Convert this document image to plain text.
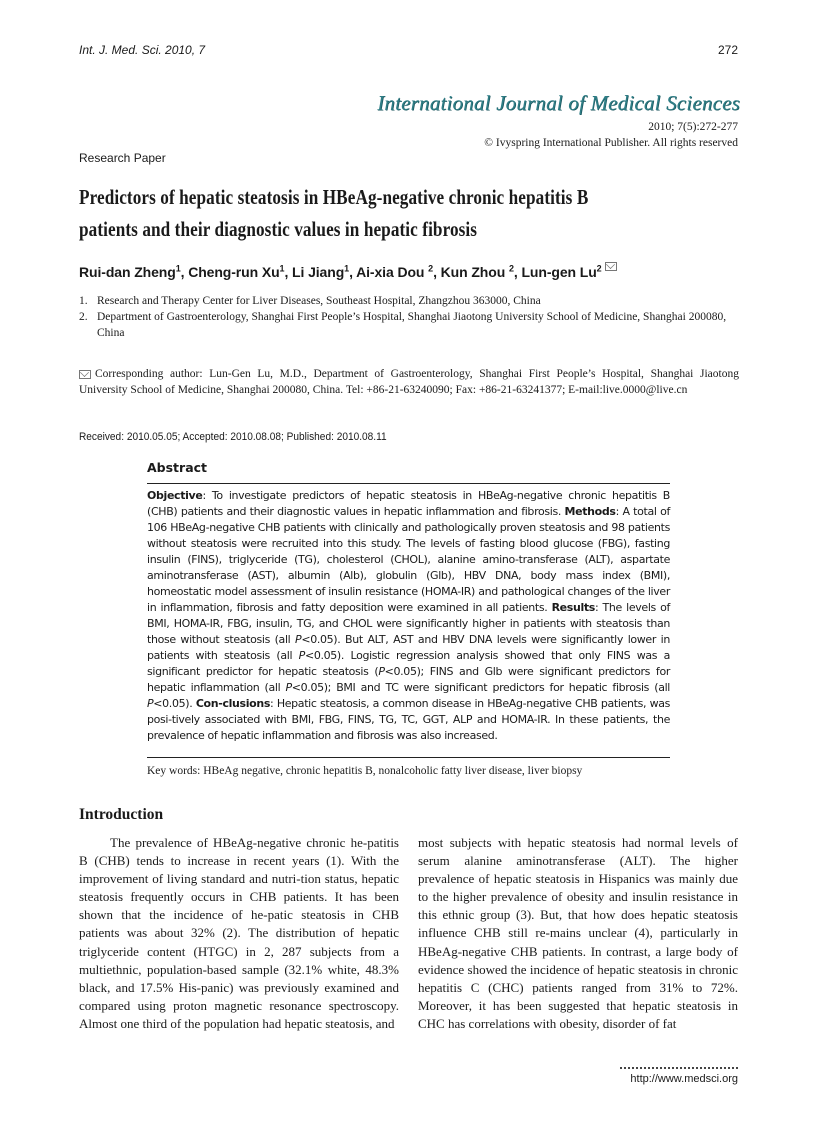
Int. J. Med. Sci. 2010, 7	272
International Journal of Medical Sciences
2010; 7(5):272-277
© Ivyspring International Publisher. All rights reserved
Research Paper
Predictors of hepatic steatosis in HBeAg-negative chronic hepatitis B
patients and their diagnostic values in hepatic fibrosis
Rui-dan Zheng$^1$, Cheng-run Xu$^1$, Li Jiang$^1$, Ai-xia Dou $^2$, Kun Zhou $^2$, Lun-gen Lu$^2$
1. Research and Therapy Center for Liver Diseases, Southeast Hospital, Zhangzhou 363000, China
2. Department of Gastroenterology, Shanghai First People’s Hospital, Shanghai Jiaotong University School of Medicine, Shanghai 200080, China
Corresponding author: Lun-Gen Lu, M.D., Department of Gastroenterology, Shanghai First People’s Hospital, Shanghai Jiaotong University School of Medicine, Shanghai 200080, China. Tel: +86-21-63240090; Fax: +86-21-63241377; E-mail:live.0000@live.cn
Received: 2010.05.05; Accepted: 2010.08.08; Published: 2010.08.11
Abstract
Objective: To investigate predictors of hepatic steatosis in HBeAg-negative chronic hepatitis B (CHB) patients and their diagnostic values in hepatic inflammation and fibrosis. Methods: A total of 106 HBeAg-negative CHB patients with clinically and pathologically proven steatosis and 98 patients without steatosis were recruited into this study. The levels of fasting blood glucose (FBG), fasting insulin (FINS), triglyceride (TG), cholesterol (CHOL), alanine amino-transferase (ALT), aspartate aminotransferase (AST), albumin (Alb), globulin (Glb), HBV DNA, body mass index (BMI), homeostatic model assessment of insulin resistance (HOMA-IR) and pathological changes of the liver in inflammation, fibrosis and fatty deposition were examined in all patients. Results: The levels of BMI, HOMA-IR, FBG, insulin, TG, and CHOL were significantly higher in patients with steatosis than those without steatosis (all P<0.05). But ALT, AST and HBV DNA levels were significantly lower in patients with steatosis (all P<0.05). Logistic regression analysis showed that only FINS was a significant predictor for hepatic steatosis (P<0.05); FINS and Glb were significant predictors for hepatic inflammation (all P<0.05); BMI and TC were significant predictors for hepatic fibrosis (all P<0.05). Con-clusions: Hepatic steatosis, a common disease in HBeAg-negative CHB patients, was posi-tively associated with BMI, FBG, FINS, TG, TC, GGT, ALP and HOMA-IR. In these patients, the prevalence of hepatic inflammation and fibrosis was also increased.
Key words: HBeAg negative, chronic hepatitis B, nonalcoholic fatty liver disease, liver biopsy
Introduction
The prevalence of HBeAg-negative chronic he-patitis B (CHB) tends to increase in recent years (1). With the improvement of living standard and nutri-tion status, hepatic steatosis frequently occurs in CHB patients. It has been shown that the incidence of he-patic steatosis in CHB patients was about 32% (2). The distribution of hepatic triglyceride content (HTGC) in 2, 287 subjects from a multiethnic, population-based sample (32.1% white, 48.3% black, and 17.5% His-panic) was previously examined and compared using proton magnetic resonance spectroscopy. Almost one third of the population had hepatic steatosis, and
most subjects with hepatic steatosis had normal levels of serum alanine aminotransferase (ALT). The higher prevalence of hepatic steatosis in Hispanics was mainly due to the higher prevalence of obesity and insulin resistance in this ethnic group (3). But, that how does hepatic steatosis influence CHB still re-mains unclear (4), particularly in HBeAg-negative CHB patients. In contrast, a large body of evidence showed the incidence of hepatic steatosis in chronic hepatitis C (CHC) patients ranged from 31% to 72%. Moreover, it has been suggested that hepatic steatosis in CHC has correlations with obesity, disorder of fat
http://www.medsci.org
